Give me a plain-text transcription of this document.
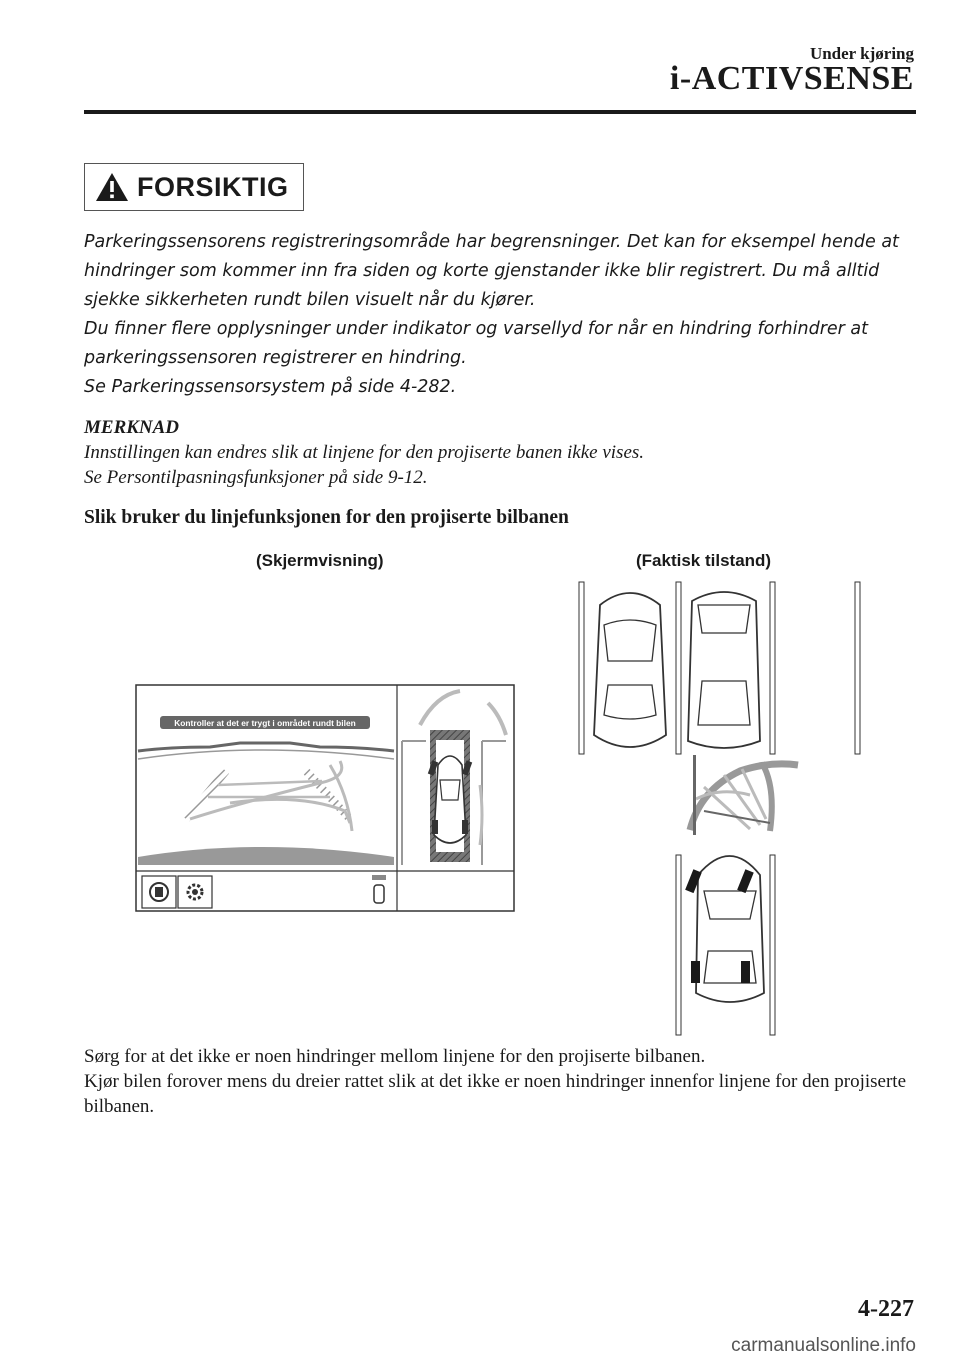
Under kjøring
i-ACTIVSENSE
FORSIKTIG

Parkeringssensorens registreringsområde har begrensninger. Det kan for eksempel hende at hindringer som kommer inn fra siden og korte gjenstander ikke blir registrert. Du må alltid sjekke sikkerheten rundt bilen visuelt når du kjører.

Du finner flere opplysninger under indikator og varsellyd for når en hindring forhindrer at parkeringssensoren registrerer en hindring.

Se Parkeringssensorsystem på side 4-282.

MERKNAD

Innstillingen kan endres slik at linjene for den projiserte banen ikke vises.

Se Persontilpasningsfunksjoner på side 9-12.

Slik bruker du linjefunksjonen for den projiserte bilbanen
(Skjermvisning)	(Faktisk tilstand)
Kontroller at det er trygt i området rundt bilen

Sørg for at det ikke er noen hindringer mellom linjene for den projiserte bilbanen.

Kjør bilen forover mens du dreier rattet slik at det ikke er noen hindringer innenfor linjene for den projiserte bilbanen.

4-227
carmanualsonline.info
